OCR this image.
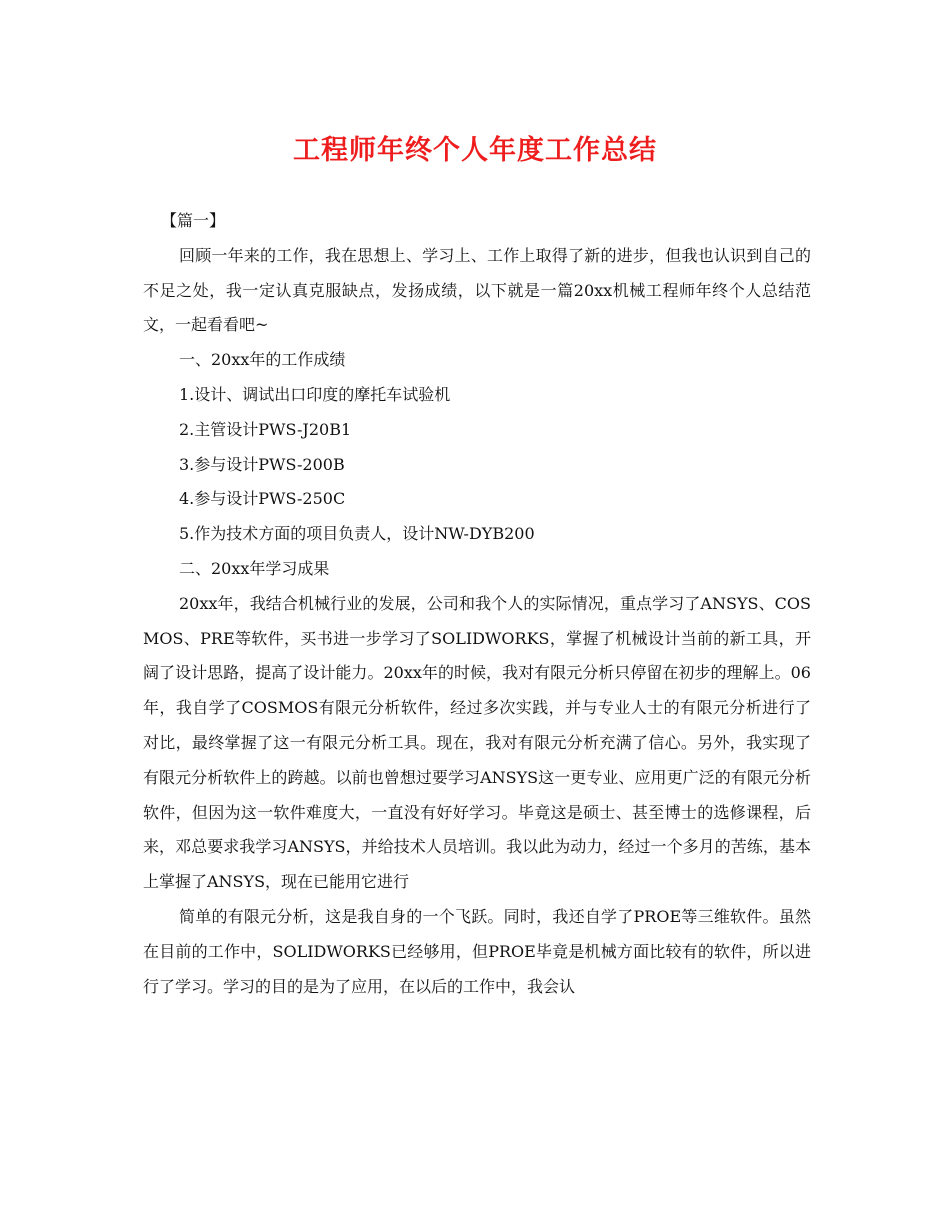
工程师年终个人年度工作总结

【篇一】

回顾一年来的工作，我在思想上、学习上、工作上取得了新的进步，但我也认识到自己的不足之处，我一定认真克服缺点，发扬成绩，以下就是一篇20xx机械工程师年终个人总结范文，一起看看吧~

一、20xx年的工作成绩

1.设计、调试出口印度的摩托车试验机

2.主管设计PWS-J20B1

3.参与设计PWS-200B

4.参与设计PWS-250C

5.作为技术方面的项目负责人，设计NW-DYB200

二、20xx年学习成果

20xx年，我结合机械行业的发展，公司和我个人的实际情况，重点学习了ANSYS、COSMOS、PRE等软件，买书进一步学习了SOLIDWORKS，掌握了机械设计当前的新工具，开阔了设计思路，提高了设计能力。20xx年的时候，我对有限元分析只停留在初步的理解上。06年，我自学了COSMOS有限元分析软件，经过多次实践，并与专业人士的有限元分析进行了对比，最终掌握了这一有限元分析工具。现在，我对有限元分析充满了信心。另外，我实现了有限元分析软件上的跨越。以前也曾想过要学习ANSYS这一更专业、应用更广泛的有限元分析软件，但因为这一软件难度大，一直没有好好学习。毕竟这是硕士、甚至博士的选修课程，后来，邓总要求我学习ANSYS，并给技术人员培训。我以此为动力，经过一个多月的苦练，基本上掌握了ANSYS，现在已能用它进行

简单的有限元分析，这是我自身的一个飞跃。同时，我还自学了PROE等三维软件。虽然在目前的工作中，SOLIDWORKS已经够用，但PROE毕竟是机械方面比较有的软件，所以进行了学习。学习的目的是为了应用，在以后的工作中，我会认
